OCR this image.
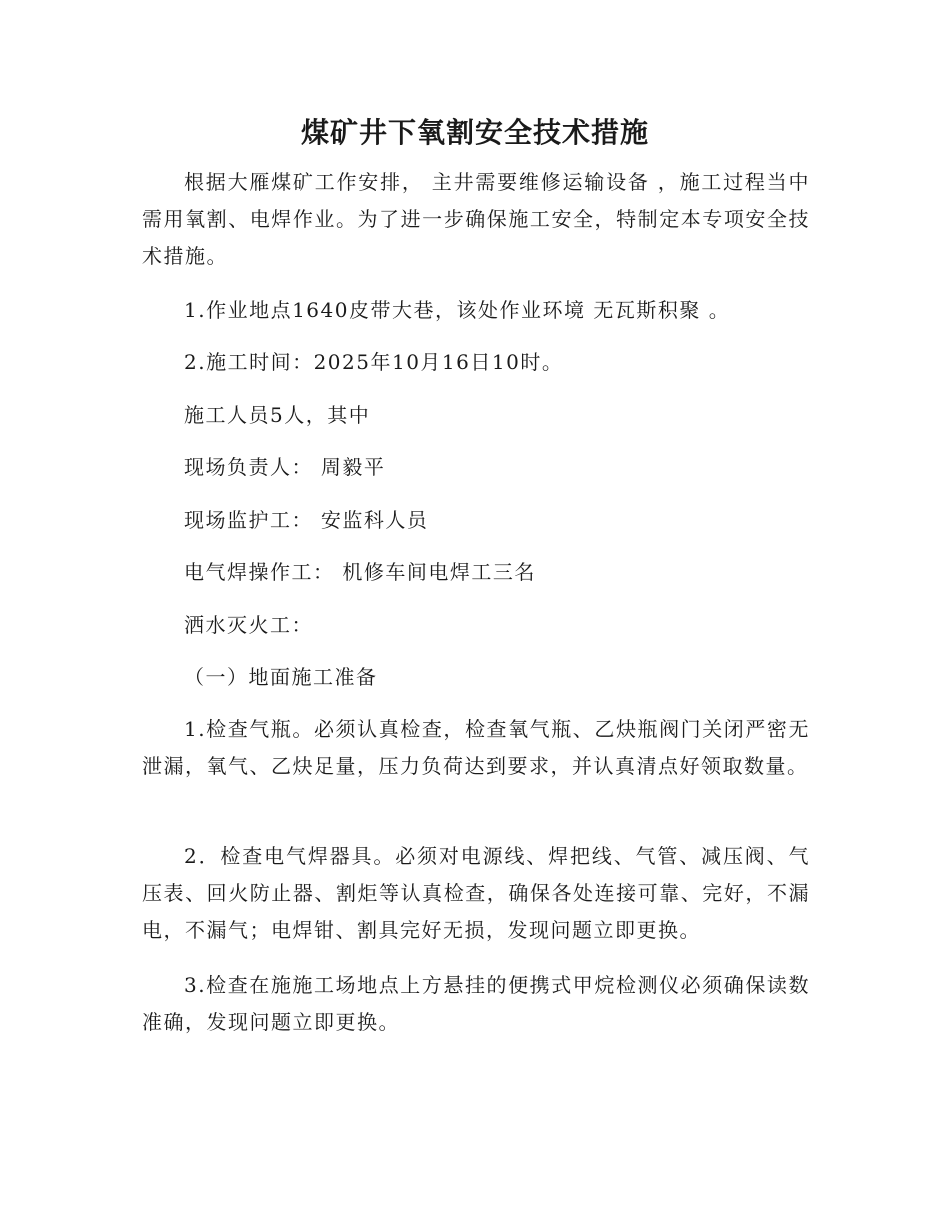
煤矿井下氧割安全技术措施
根据大雁煤矿工作安排， 主井需要维修运输设备 ，施工过程当中需用氧割、电焊作业。为了进一步确保施工安全，特制定本专项安全技术措施。
1.作业地点1640皮带大巷，该处作业环境 无瓦斯积聚 。
2.施工时间：2025年10月16日10时。
施工人员5人，其中
现场负责人： 周毅平
现场监护工： 安监科人员
电气焊操作工： 机修车间电焊工三名
洒水灭火工：
（一）地面施工准备
1.检查气瓶。必须认真检查，检查氧气瓶、乙炔瓶阀门关闭严密无泄漏，氧气、乙炔足量，压力负荷达到要求，并认真清点好领取数量。
2．检查电气焊器具。必须对电源线、焊把线、气管、减压阀、气压表、回火防止器、割炬等认真检查，确保各处连接可靠、完好，不漏电，不漏气；电焊钳、割具完好无损，发现问题立即更换。
3.检查在施施工场地点上方悬挂的便携式甲烷检测仪必须确保读数准确，发现问题立即更换。
